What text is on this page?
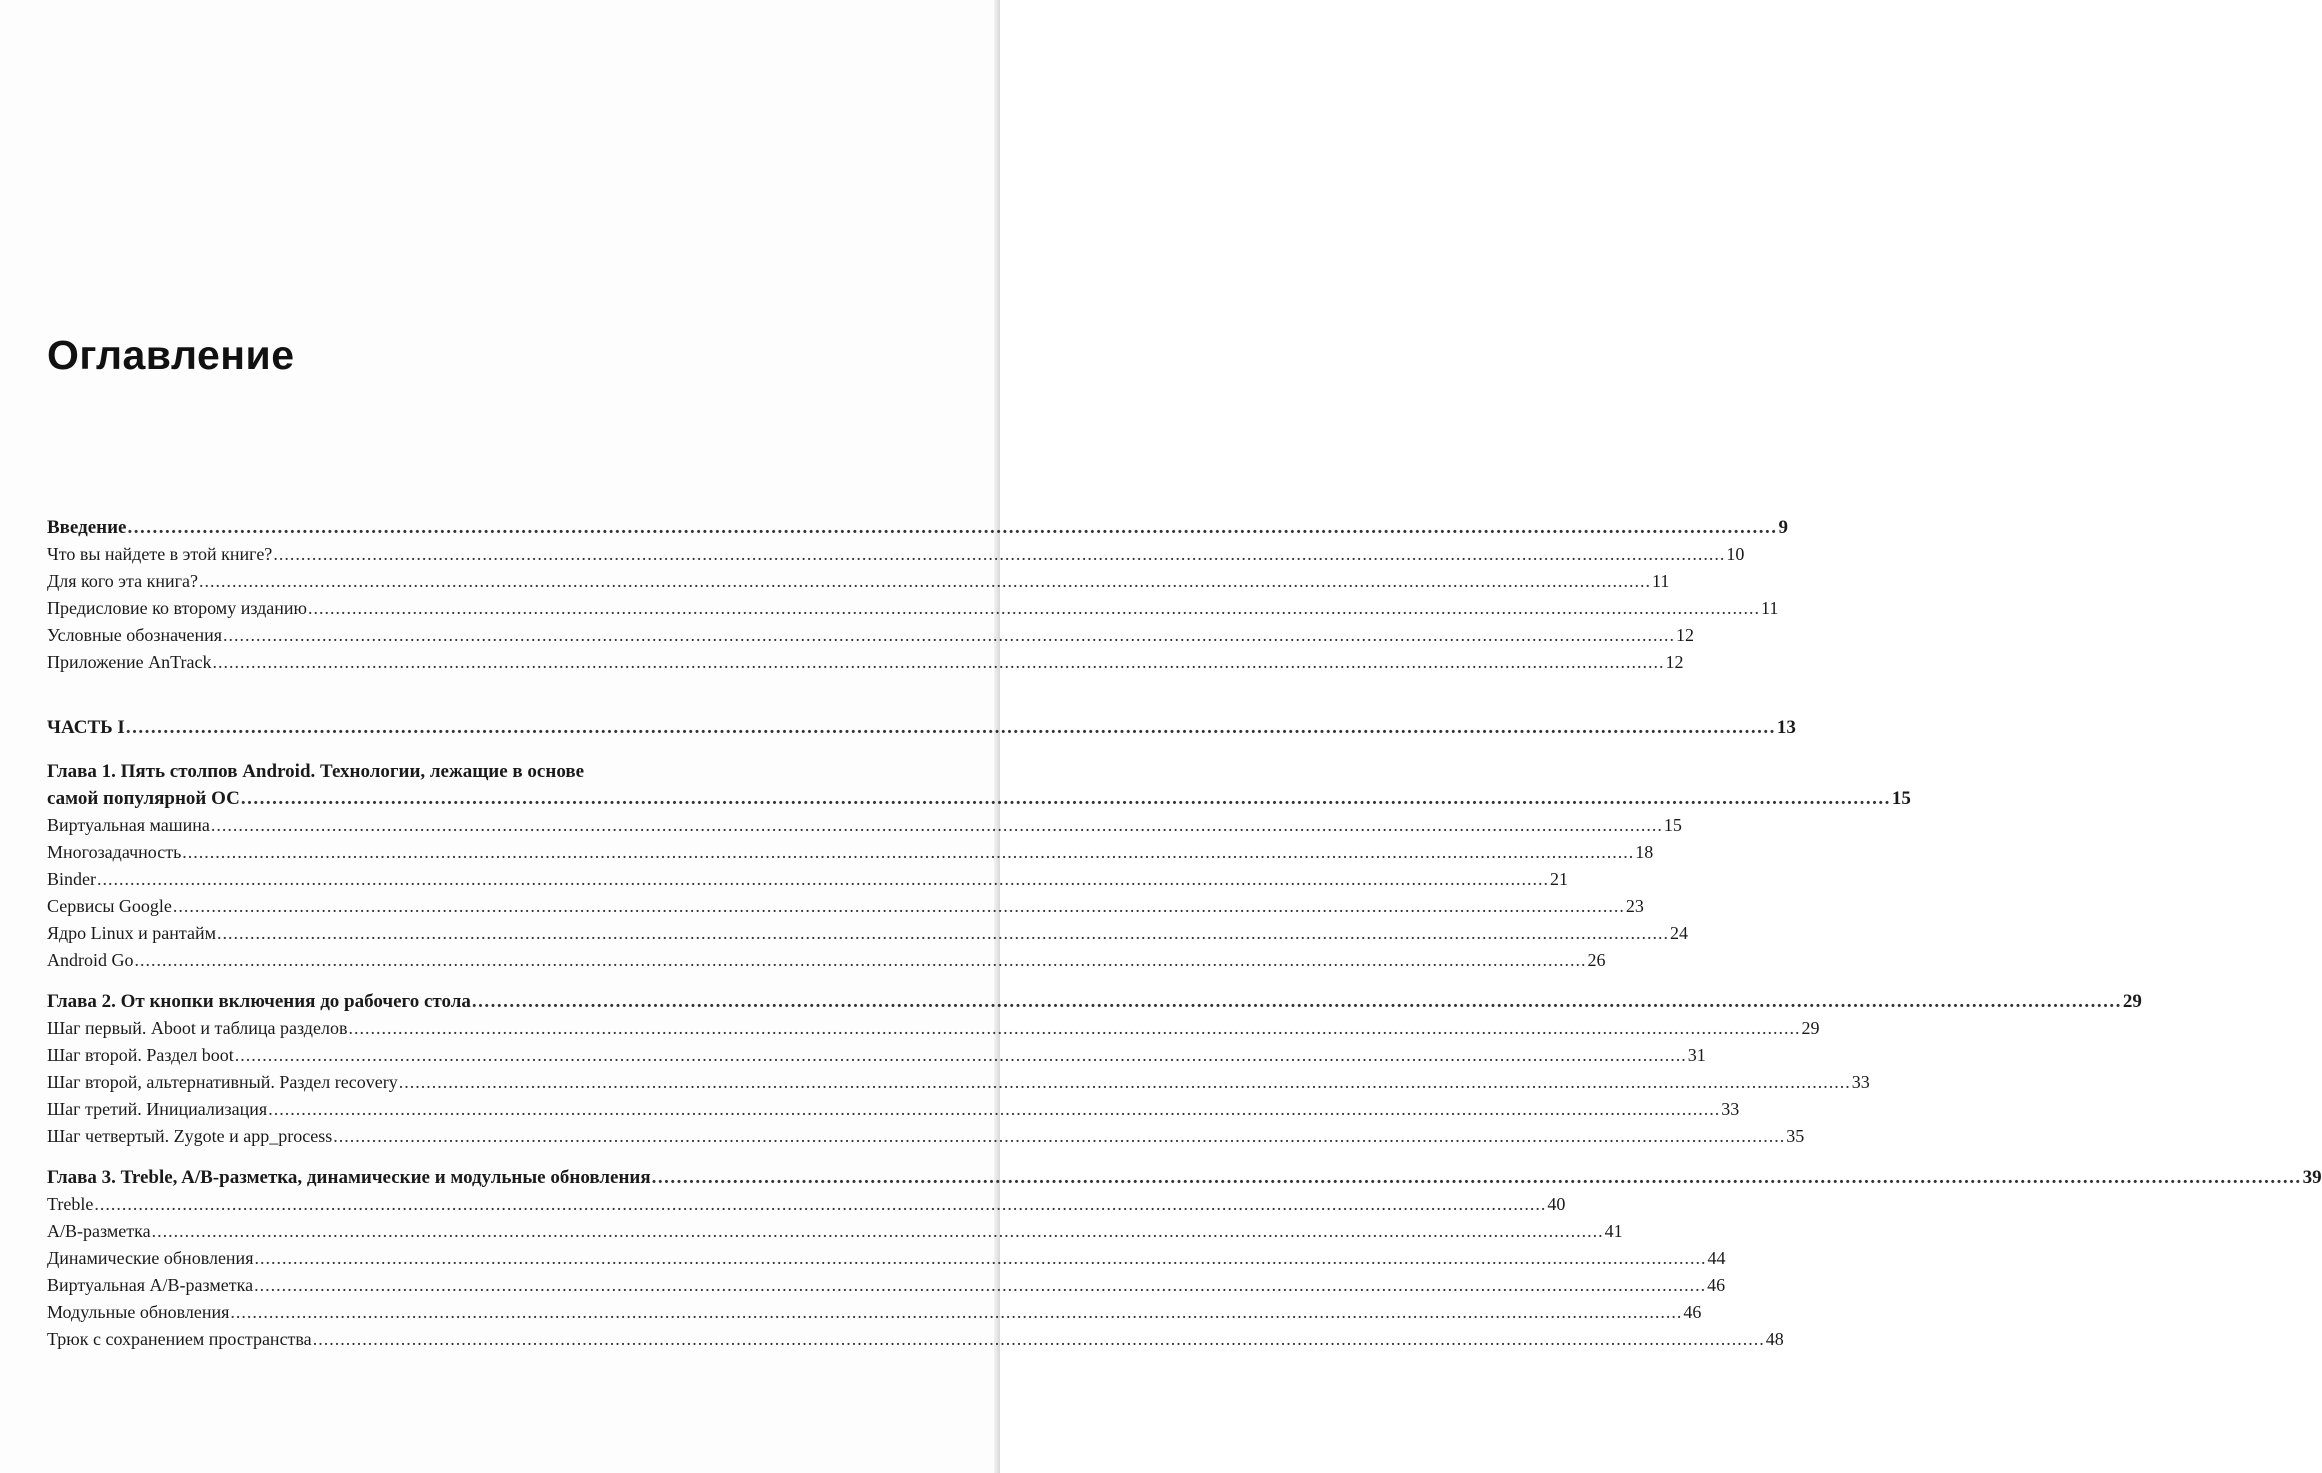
Оглавление
Введение .....	9
Что вы найдете в этой книге? .....	10
Для кого эта книга? .....	11
Предисловие ко второму изданию .....	11
Условные обозначения .....	12
Приложение AnTrack .....	12
ЧАСТЬ I .....	13
Глава 1. Пять столпов Android. Технологии, лежащие в основе
самой популярной ОС .....	15
Виртуальная машина .....	15
Многозадачность .....	18
Binder .....	21
Сервисы Google .....	23
Ядро Linux и рантайм .....	24
Android Go .....	26
Глава 2. От кнопки включения до рабочего стола .....	29
Шаг первый. Aboot и таблица разделов .....	29
Шаг второй. Раздел boot .....	31
Шаг второй, альтернативный. Раздел recovery .....	33
Шаг третий. Инициализация .....	33
Шаг четвертый. Zygote и app_process .....	35
Глава 3. Treble, A/B-разметка, динамические и модульные обновления .....	39
Treble .....	40
A/B-разметка .....	41
Динамические обновления .....	44
Виртуальная A/B-разметка .....	46
Модульные обновления .....	46
Трюк с сохранением пространства .....	48
